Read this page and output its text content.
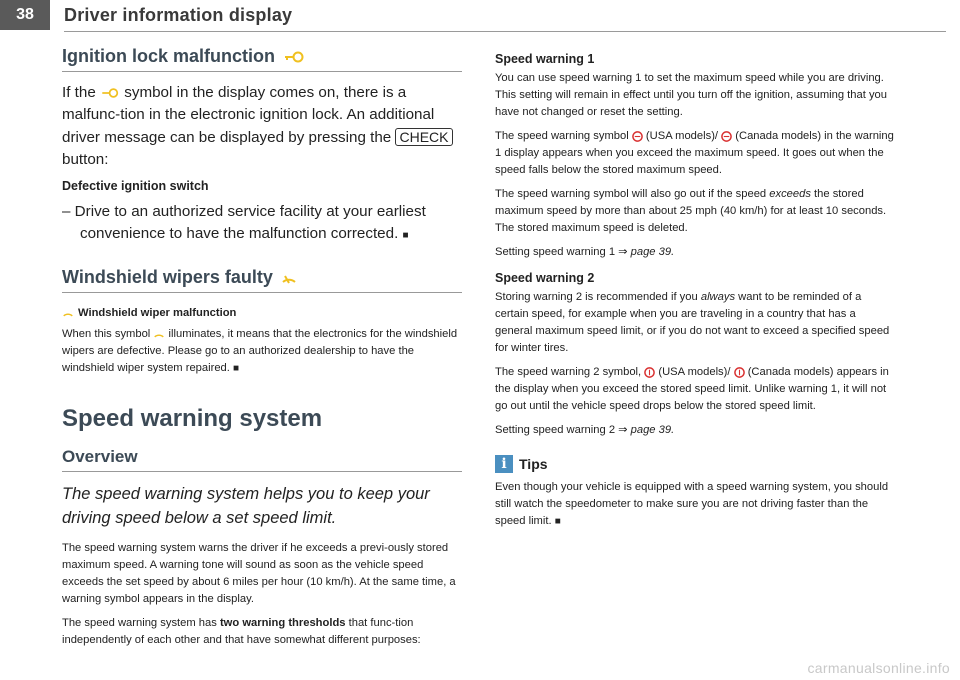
38	Driver information display
Ignition lock malfunction

If the symbol in the display comes on, there is a malfunc-tion in the electronic ignition lock. An additional driver message can be displayed by pressing the CHECK button:

Defective ignition switch

– Drive to an authorized service facility at your earliest convenience to have the malfunction corrected. ■

Windshield wipers faulty

Windshield wiper malfunction

When this symbol illuminates, it means that the electronics for the windshield wipers are defective. Please go to an authorized dealership to have the windshield wiper system repaired. ■

Speed warning system
Overview

The speed warning system helps you to keep your driving speed below a set speed limit.

The speed warning system warns the driver if he exceeds a previ-ously stored maximum speed. A warning tone will sound as soon as the vehicle speed exceeds the set speed by about 6 miles per hour (10 km/h). At the same time, a warning symbol appears in the display.

The speed warning system has two warning thresholds that func-tion independently of each other and that have somewhat different purposes:

Speed warning 1

You can use speed warning 1 to set the maximum speed while you are driving. This setting will remain in effect until you turn off the ignition, assuming that you have not changed or reset the setting.

The speed warning symbol (USA models)/ (Canada models) in the warning 1 display appears when you exceed the maximum speed. It goes out when the speed falls below the stored maximum speed.

The speed warning symbol will also go out if the speed exceeds the stored maximum speed by more than about 25 mph (40 km/h) for at least 10 seconds. The stored maximum speed is deleted.

Setting speed warning 1 ⇒ page 39.

Speed warning 2

Storing warning 2 is recommended if you always want to be reminded of a certain speed, for example when you are traveling in a country that has a general maximum speed limit, or if you do not want to exceed a specified speed for winter tires.

The speed warning 2 symbol, (USA models)/ (Canada models) appears in the display when you exceed the stored speed limit. Unlike warning 1, it will not go out until the vehicle speed drops below the stored speed limit.

Setting speed warning 2 ⇒ page 39.

i Tips

Even though your vehicle is equipped with a speed warning system, you should still watch the speedometer to make sure you are not driving faster than the speed limit. ■

carmanualsonline.info
